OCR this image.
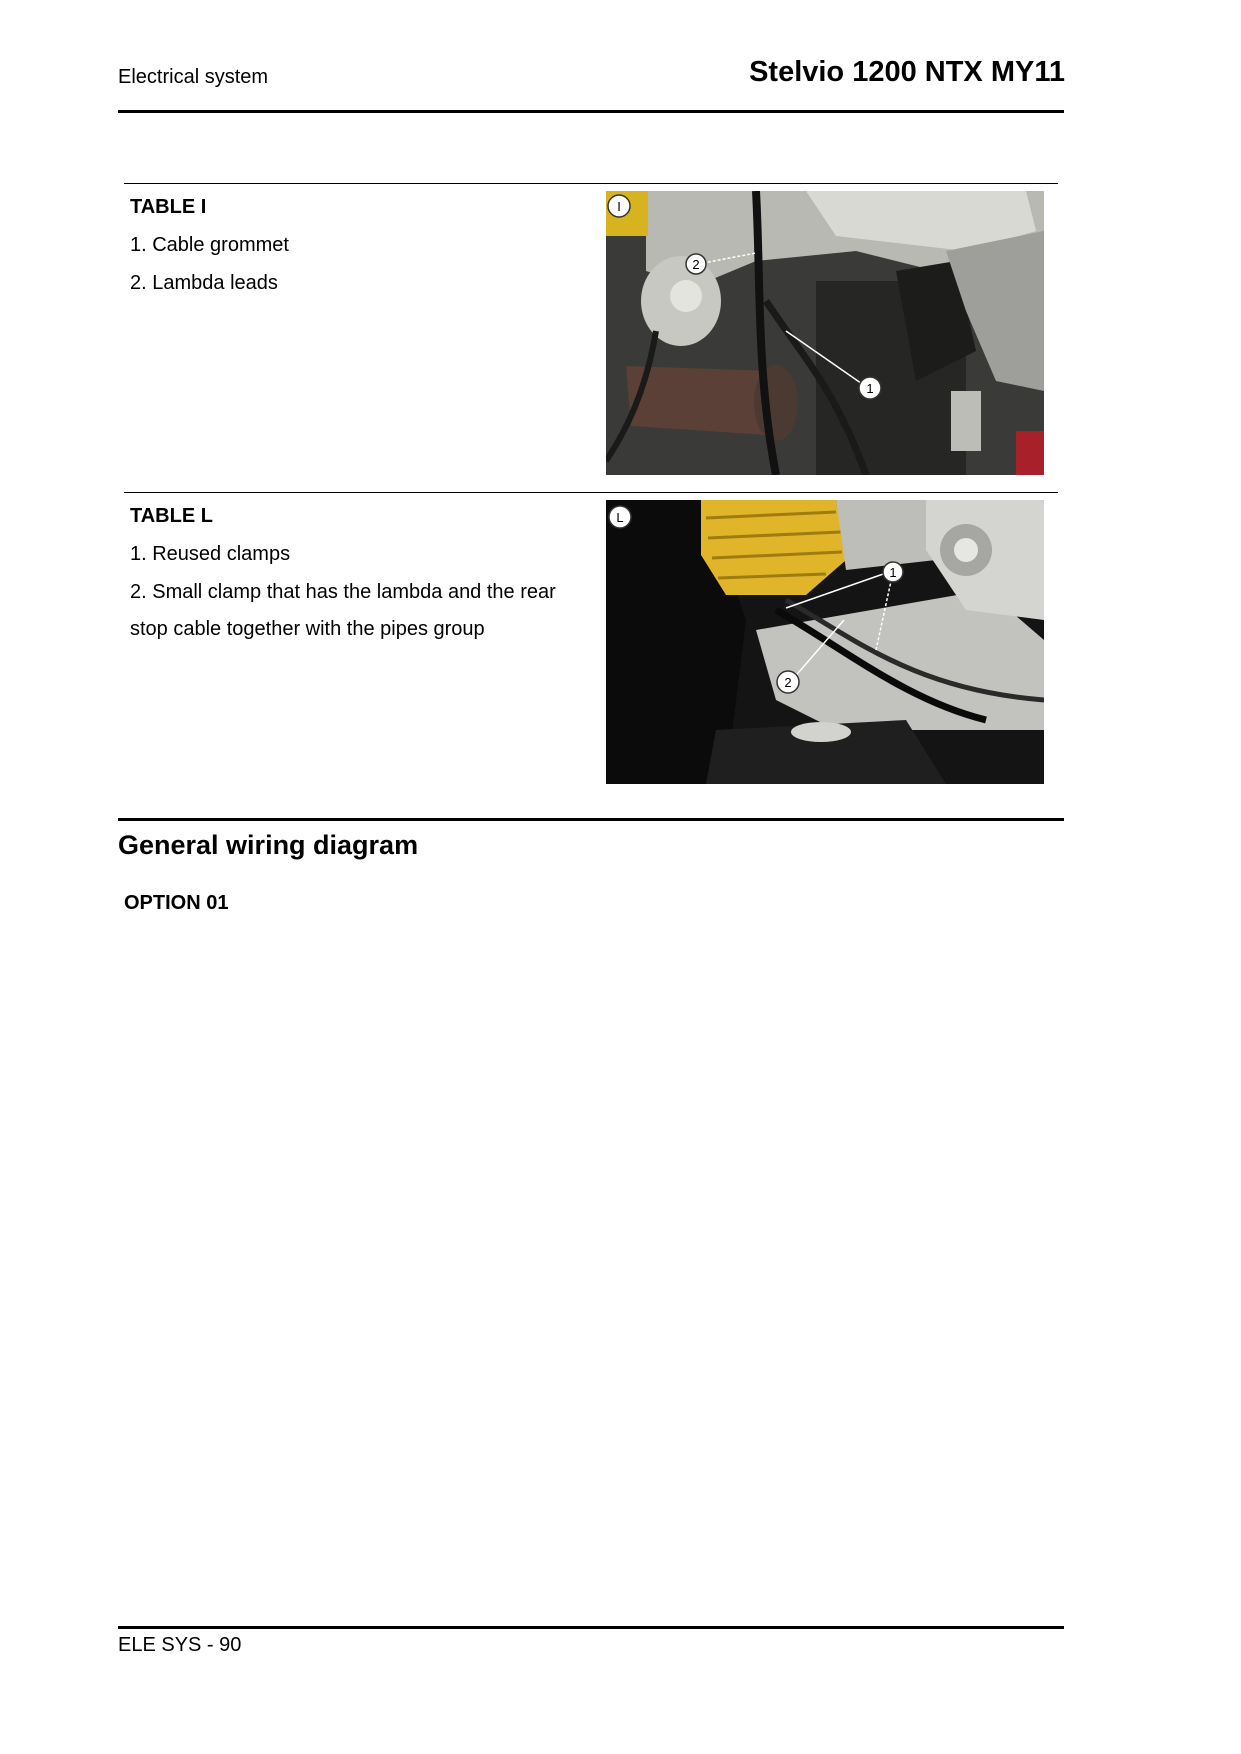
Electrical system	Stelvio 1200 NTX MY11
TABLE I
1. Cable grommet
2. Lambda leads
I
2
1
TABLE L
1. Reused clamps
2. Small clamp that has the lambda and the rear
stop cable together with the pipes group
L
1
2
General wiring diagram
OPTION 01
ELE SYS - 90
